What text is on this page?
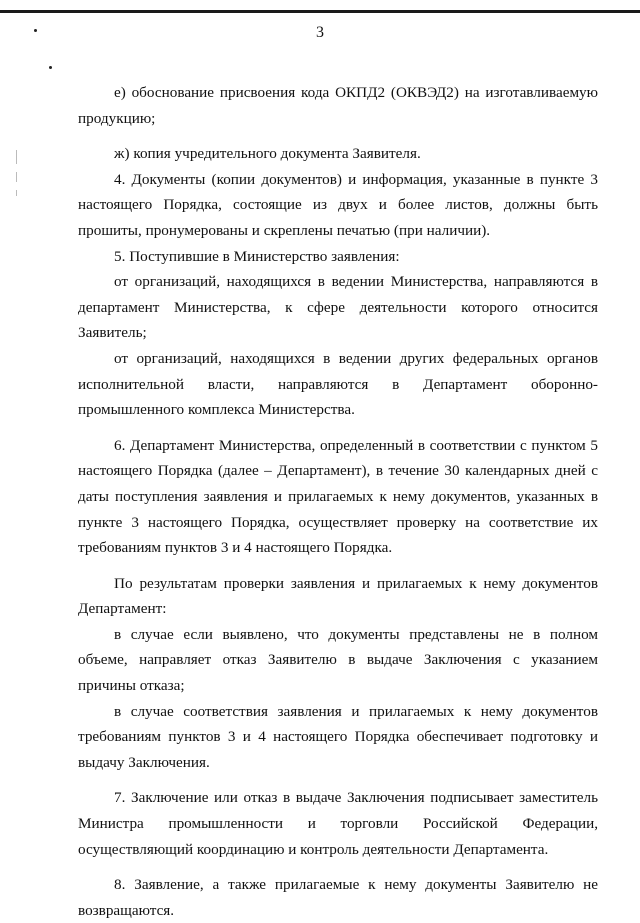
3

е) обоснование присвоения кода ОКПД2 (ОКВЭД2) на изготавливаемую продукцию;

ж) копия учредительного документа Заявителя.

4. Документы (копии документов) и информация, указанные в пункте 3 настоящего Порядка, состоящие из двух и более листов, должны быть прошиты, пронумерованы и скреплены печатью (при наличии).

5. Поступившие в Министерство заявления:

от организаций, находящихся в ведении Министерства, направляются в департамент Министерства, к сфере деятельности которого относится Заявитель;

от организаций, находящихся в ведении других федеральных органов исполнительной власти, направляются в Департамент оборонно-промышленного комплекса Министерства.

6. Департамент Министерства, определенный в соответствии с пунктом 5 настоящего Порядка (далее – Департамент), в течение 30 календарных дней с даты поступления заявления и прилагаемых к нему документов, указанных в пункте 3 настоящего Порядка, осуществляет проверку на соответствие их требованиям пунктов 3 и 4 настоящего Порядка.

По результатам проверки заявления и прилагаемых к нему документов Департамент:

в случае если выявлено, что документы представлены не в полном объеме, направляет отказ Заявителю в выдаче Заключения с указанием причины отказа;

в случае соответствия заявления и прилагаемых к нему документов требованиям пунктов 3 и 4 настоящего Порядка обеспечивает подготовку и выдачу Заключения.

7. Заключение или отказ в выдаче Заключения подписывает заместитель Министра промышленности и торговли Российской Федерации, осуществляющий координацию и контроль деятельности Департамента.

8. Заявление, а также прилагаемые к нему документы Заявителю не возвращаются.
